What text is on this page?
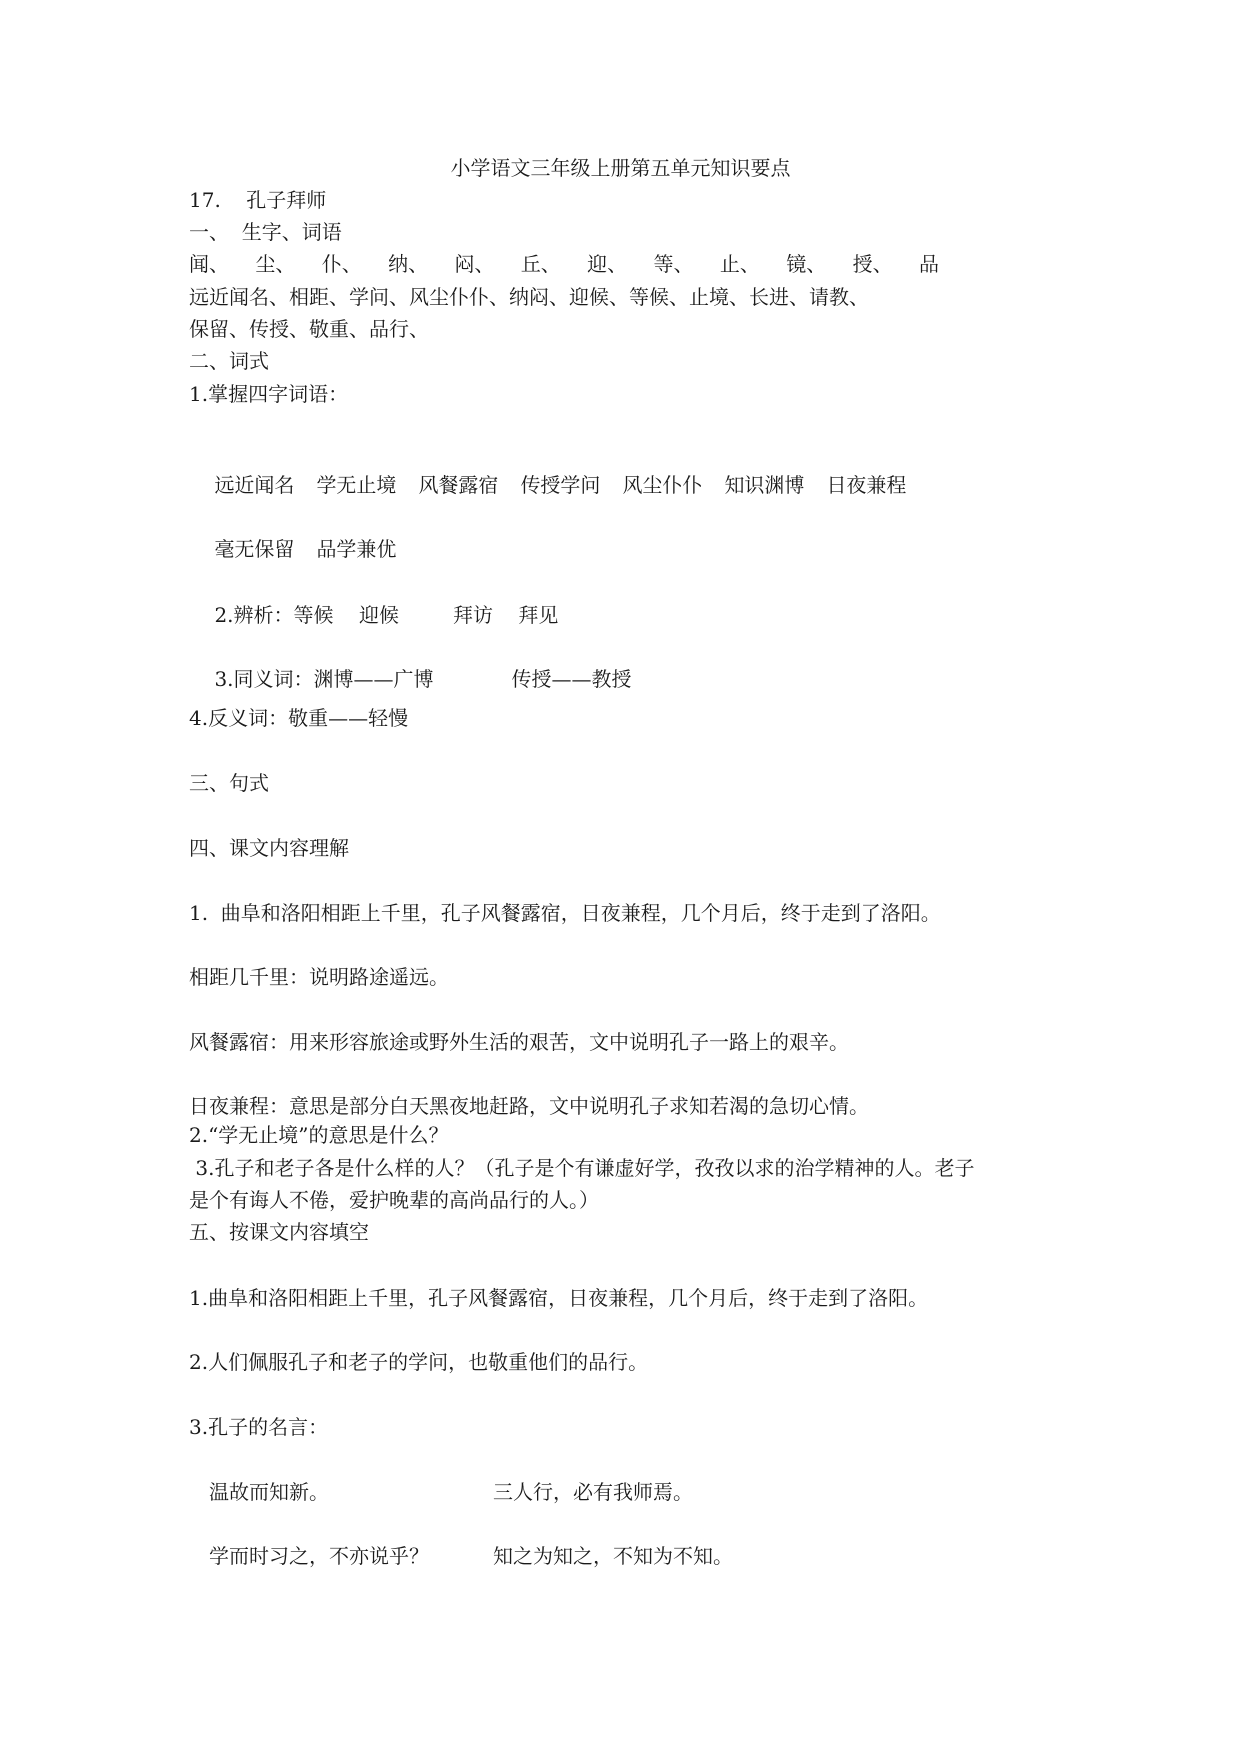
小学语文三年级上册第五单元知识要点
17.    孔子拜师
一、  生字、词语
闻、 尘、 仆、 纳、 闷、 丘、 迎、 等、 止、 镜、 授、 品
远近闻名、相距、学问、风尘仆仆、纳闷、迎候、等候、止境、长进、请教、
保留、传授、敬重、品行、
二、词式
1.掌握四字词语：

远近闻名 学无止境 风餐露宿 传授学问 风尘仆仆 知识渊博 日夜兼程

毫无保留 品学兼优

2.辨析：等候    迎候	拜访    拜见

3.同义词：渊博——广博	传授——教授

4.反义词：敬重——轻慢
三、句式
四、课文内容理解
1.  曲阜和洛阳相距上千里，孔子风餐露宿，日夜兼程，几个月后，终于走到了洛阳。
相距几千里：说明路途遥远。
风餐露宿：用来形容旅途或野外生活的艰苦，文中说明孔子一路上的艰辛。
日夜兼程：意思是部分白天黑夜地赶路，文中说明孔子求知若渴的急切心情。
2.“学无止境”的意思是什么？
3.孔子和老子各是什么样的人？（孔子是个有谦虚好学，孜孜以求的治学精神的人。老子
是个有诲人不倦，爱护晚辈的高尚品行的人。）
五、按课文内容填空
1.曲阜和洛阳相距上千里，孔子风餐露宿，日夜兼程，几个月后，终于走到了洛阳。
2.人们佩服孔子和老子的学问，也敬重他们的品行。
3.孔子的名言：
温故而知新。	三人行，必有我师焉。
学而时习之，不亦说乎？	知之为知之，不知为不知。
